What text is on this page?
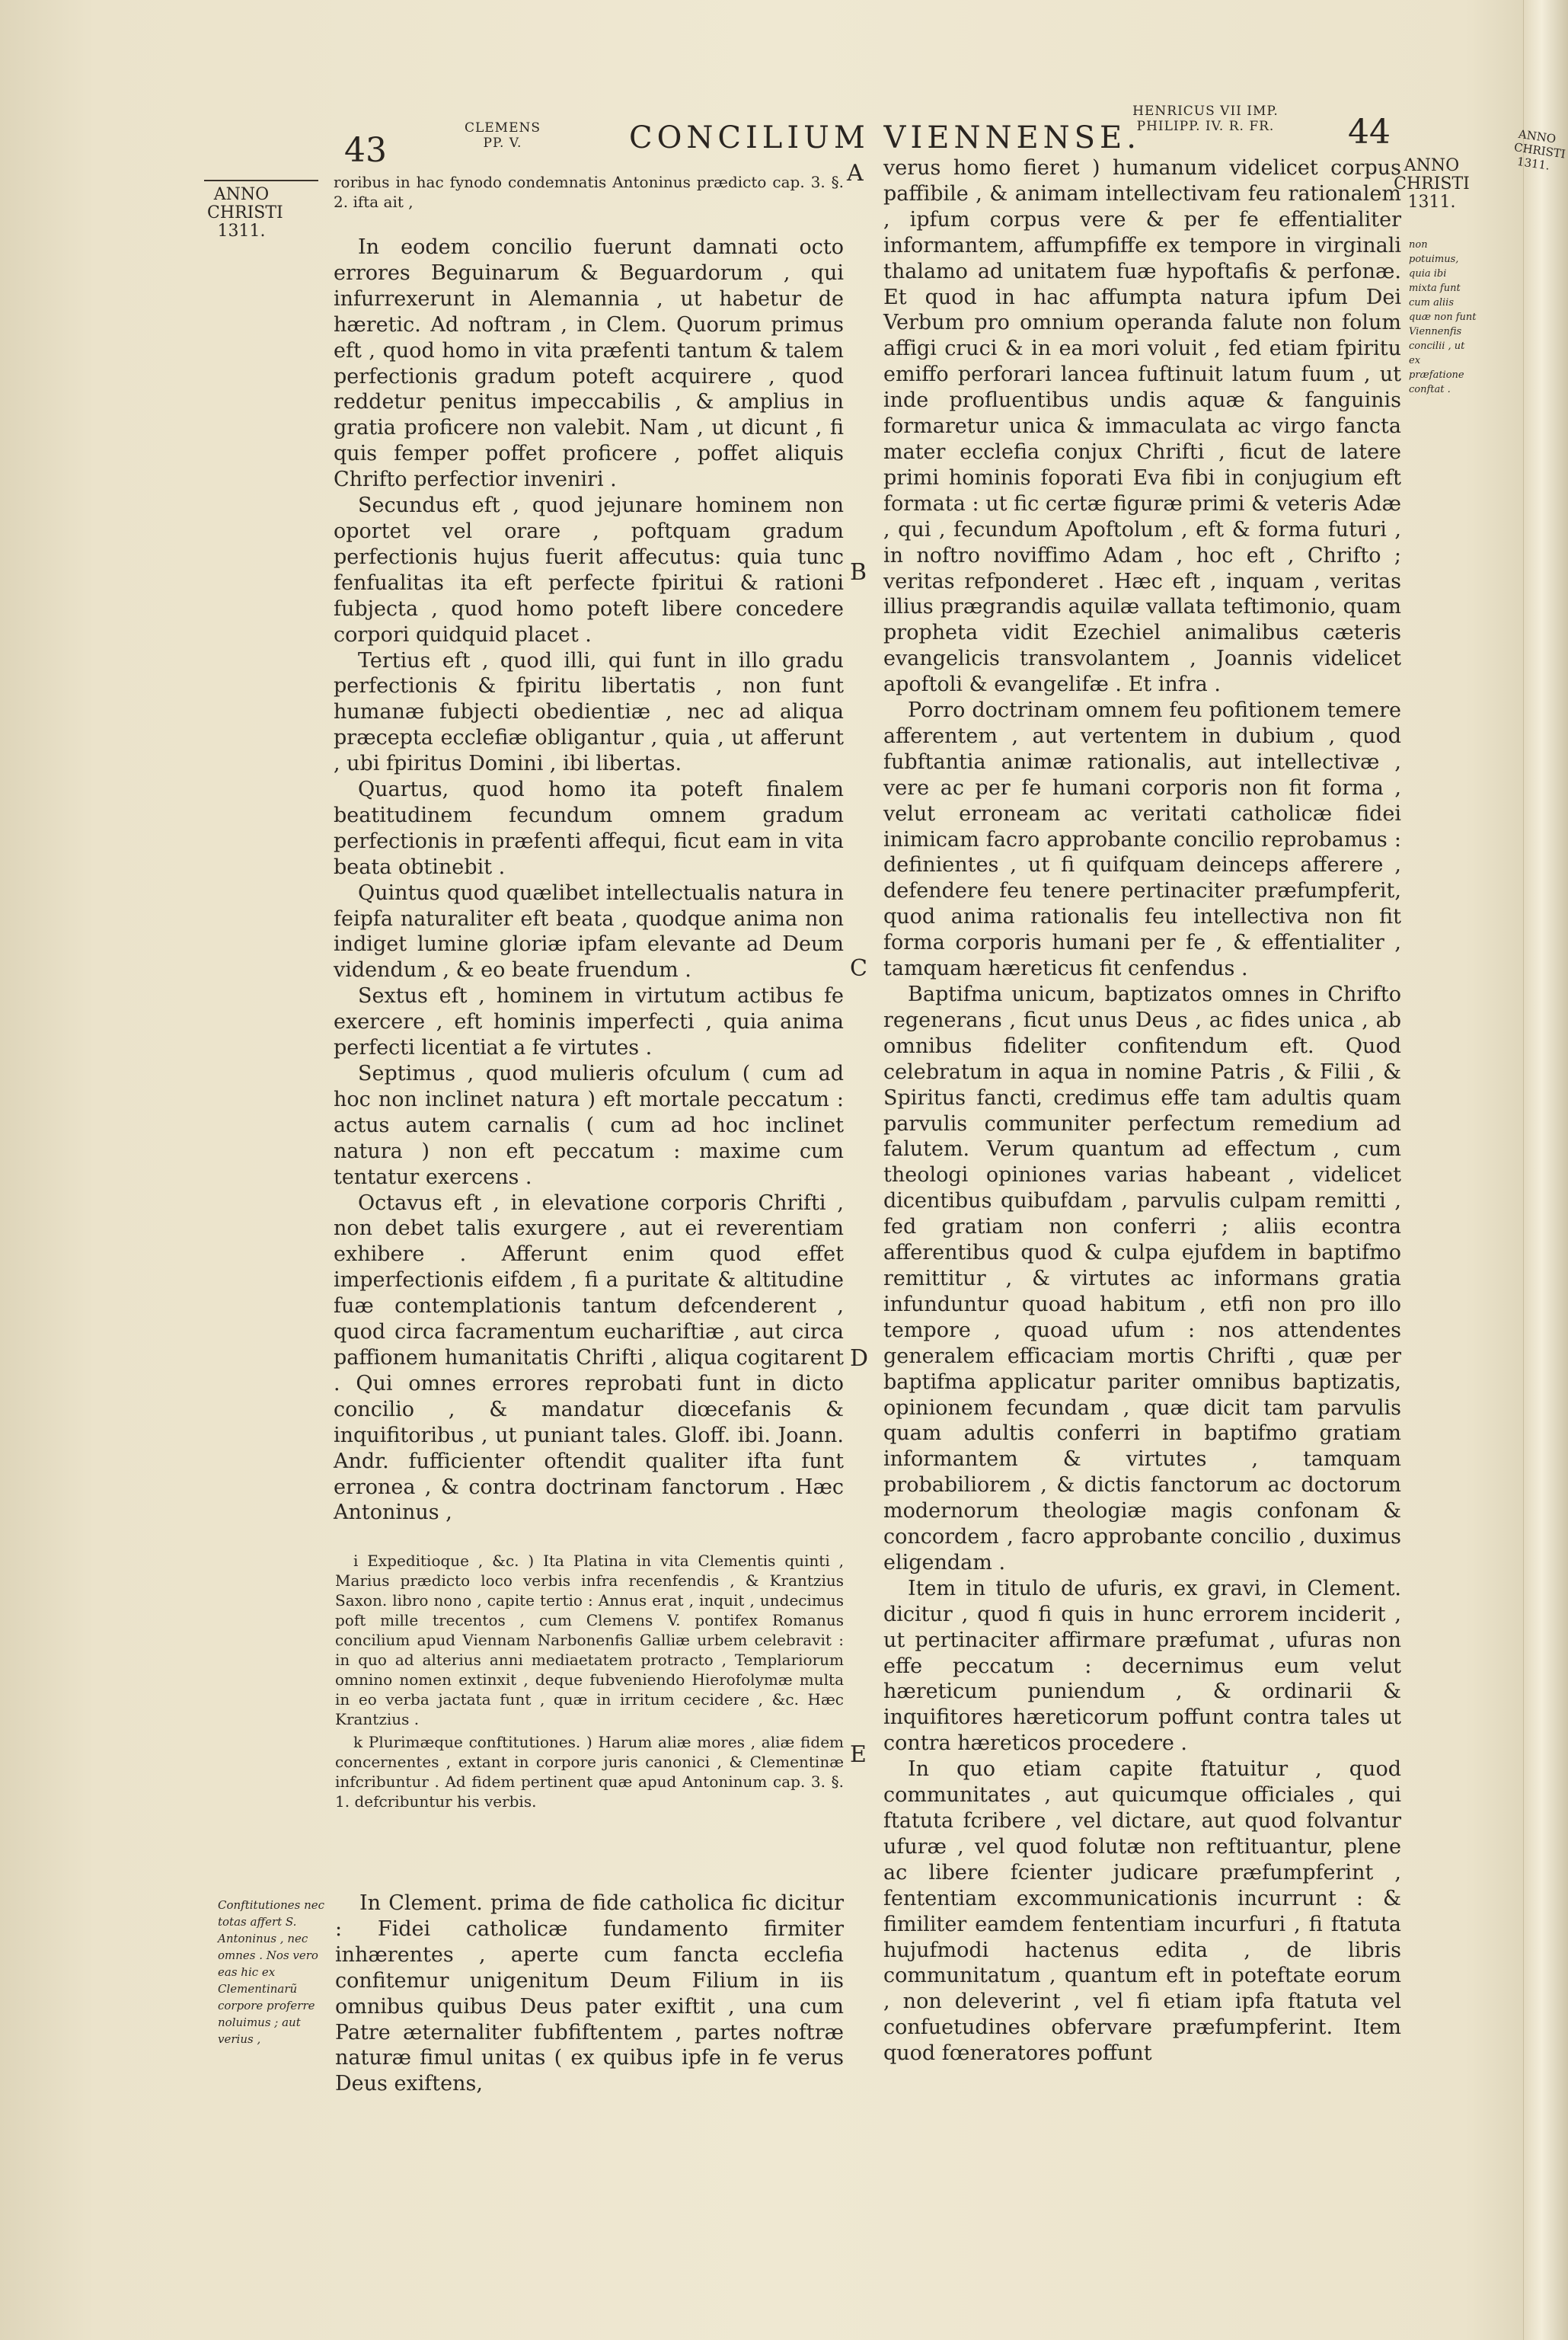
43
CLEMENS PP. V.	CONCILIUM VIENNENSE.
HENRICUS VII IMP. PHILIPP. IV. R. FR.	44
ANNO CHRISTI 1311.
ANNO CHRISTI 1311.
ANNO CHRISTI 1311.

roribus in hac fynodo condemnatis Antoninus prædicto cap. 3. §. 2. ifta ait ,

In eodem concilio fuerunt damnati octo errores Beguinarum & Beguardorum , qui infurrexerunt in Alemannia , ut habetur de hæretic. Ad noftram , in Clem. Quorum primus eft , quod homo in vita præfenti tantum & talem perfectionis gradum poteft acquirere , quod reddetur penitus impeccabilis , & amplius in gratia proficere non valebit. Nam , ut dicunt , fi quis femper poffet proficere , poffet aliquis Chrifto perfectior inveniri .

Secundus eft , quod jejunare hominem non oportet vel orare , poftquam gradum perfectionis hujus fuerit affecutus: quia tunc fenfualitas ita eft perfecte fpiritui & rationi fubjecta , quod homo poteft libere concedere corpori quidquid placet .

Tertius eft , quod illi, qui funt in illo gradu perfectionis & fpiritu libertatis , non funt humanæ fubjecti obedientiæ , nec ad aliqua præcepta ecclefiæ obligantur , quia , ut afferunt , ubi fpiritus Domini , ibi libertas.

Quartus, quod homo ita poteft finalem beatitudinem fecundum omnem gradum perfectionis in præfenti affequi, ficut eam in vita beata obtinebit .

Quintus quod quælibet intellectualis natura in feipfa naturaliter eft beata , quodque anima non indiget lumine gloriæ ipfam elevante ad Deum videndum , & eo beate fruendum .

Sextus eft , hominem in virtutum actibus fe exercere , eft hominis imperfecti , quia anima perfecti licentiat a fe virtutes .

Septimus , quod mulieris ofculum ( cum ad hoc non inclinet natura ) eft mortale peccatum : actus autem carnalis ( cum ad hoc inclinet natura ) non eft peccatum : maxime cum tentatur exercens .

Octavus eft , in elevatione corporis Chrifti , non debet talis exurgere , aut ei reverentiam exhibere . Afferunt enim quod effet imperfectionis eifdem , fi a puritate & altitudine fuæ contemplationis tantum defcenderent , quod circa facramentum euchariftiæ , aut circa paffionem humanitatis Chrifti , aliqua cogitarent . Qui omnes errores reprobati funt in dicto concilio , & mandatur diœcefanis & inquifitoribus , ut puniant tales. Gloff. ibi. Joann. Andr. fufficienter oftendit qualiter ifta funt erronea , & contra doctrinam fanctorum . Hæc Antoninus ,

i Expeditioque , &c. ) Ita Platina in vita Clementis quinti , Marius prædicto loco verbis infra recenfendis , & Krantzius Saxon. libro nono , capite tertio : Annus erat , inquit , undecimus poft mille trecentos , cum Clemens V. pontifex Romanus concilium apud Viennam Narbonenfis Galliæ urbem celebravit : in quo ad alterius anni mediaetatem protracto , Templariorum omnino nomen extinxit , deque fubveniendo Hierofolymæ multa in eo verba jactata funt , quæ in irritum cecidere , &c. Hæc Krantzius .

k Plurimæque conftitutiones. ) Harum aliæ mores , aliæ fidem concernentes , extant in corpore juris canonici , & Clementinæ infcribuntur . Ad fidem pertinent quæ apud Antoninum cap. 3. §. 1. defcribuntur his verbis.

In Clement. prima de fide catholica fic dicitur : Fidei catholicæ fundamento firmiter inhærentes , aperte cum fancta ecclefia confitemur unigenitum Deum Filium in iis omnibus quibus Deus pater exiftit , una cum Patre æternaliter fubfiftentem , partes noftræ naturæ fimul unitas ( ex quibus ipfe in fe verus Deus exiftens,

Conftitutiones nec totas affert S. Antoninus , nec omnes . Nos vero eas hic ex Clementinarũ corpore proferre noluimus ; aut verius ,
A
B
C
D
E

verus homo fieret ) humanum videlicet corpus paffibile , & animam intellectivam feu rationalem , ipfum corpus vere & per fe effentialiter informantem, affumpfiffe ex tempore in virginali thalamo ad unitatem fuæ hypoftafis & perfonæ. Et quod in hac affumpta natura ipfum Dei Verbum pro omnium operanda falute non folum affigi cruci & in ea mori voluit , fed etiam fpiritu emiffo perforari lancea fuftinuit latum fuum , ut inde profluentibus undis aquæ & fanguinis formaretur unica & immaculata ac virgo fancta mater ecclefia conjux Chrifti , ficut de latere primi hominis foporati Eva fibi in conjugium eft formata : ut fic certæ figuræ primi & veteris Adæ , qui , fecundum Apoftolum , eft & forma futuri , in noftro noviffimo Adam , hoc eft , Chrifto ; veritas refponderet . Hæc eft , inquam , veritas illius prægrandis aquilæ vallata teftimonio, quam propheta vidit Ezechiel animalibus cæteris evangelicis transvolantem , Joannis videlicet apoftoli & evangelifæ . Et infra .

Porro doctrinam omnem feu pofitionem temere afferentem , aut vertentem in dubium , quod fubftantia animæ rationalis, aut intellectivæ , vere ac per fe humani corporis non fit forma , velut erroneam ac veritati catholicæ fidei inimicam facro approbante concilio reprobamus : definientes , ut fi quifquam deinceps afferere , defendere feu tenere pertinaciter præfumpferit, quod anima rationalis feu intellectiva non fit forma corporis humani per fe , & effentialiter , tamquam hæreticus fit cenfendus .

Baptifma unicum, baptizatos omnes in Chrifto regenerans , ficut unus Deus , ac fides unica , ab omnibus fideliter confitendum eft. Quod celebratum in aqua in nomine Patris , & Filii , & Spiritus fancti, credimus effe tam adultis quam parvulis communiter perfectum remedium ad falutem. Verum quantum ad effectum , cum theologi opiniones varias habeant , videlicet dicentibus quibufdam , parvulis culpam remitti , fed gratiam non conferri ; aliis econtra afferentibus quod & culpa ejufdem in baptifmo remittitur , & virtutes ac informans gratia infunduntur quoad habitum , etfi non pro illo tempore , quoad ufum : nos attendentes generalem efficaciam mortis Chrifti , quæ per baptifma applicatur pariter omnibus baptizatis, opinionem fecundam , quæ dicit tam parvulis quam adultis conferri in baptifmo gratiam informantem & virtutes , tamquam probabiliorem , & dictis fanctorum ac doctorum modernorum theologiæ magis confonam & concordem , facro approbante concilio , duximus eligendam .

Item in titulo de ufuris, ex gravi, in Clement. dicitur , quod fi quis in hunc errorem inciderit , ut pertinaciter affirmare præfumat , ufuras non effe peccatum : decernimus eum velut hæreticum puniendum , & ordinarii & inquifitores hæreticorum poffunt contra tales ut contra hæreticos procedere .

In quo etiam capite ftatuitur , quod communitates , aut quicumque officiales , qui ftatuta fcribere , vel dictare, aut quod folvantur ufuræ , vel quod folutæ non reftituantur, plene ac libere fcienter judicare præfumpferint , fententiam excommunicationis incurrunt : & fimiliter eamdem fententiam incurfuri , fi ftatuta hujufmodi hactenus edita , de libris communitatum , quantum eft in poteftate eorum , non deleverint , vel fi etiam ipfa ftatuta vel confuetudines obfervare præfumpferint. Item quod fœneratores poffunt

non potuimus, quia ibi mixta funt cum aliis quæ non funt Viennenfis concilii , ut ex præfatione conftat .
